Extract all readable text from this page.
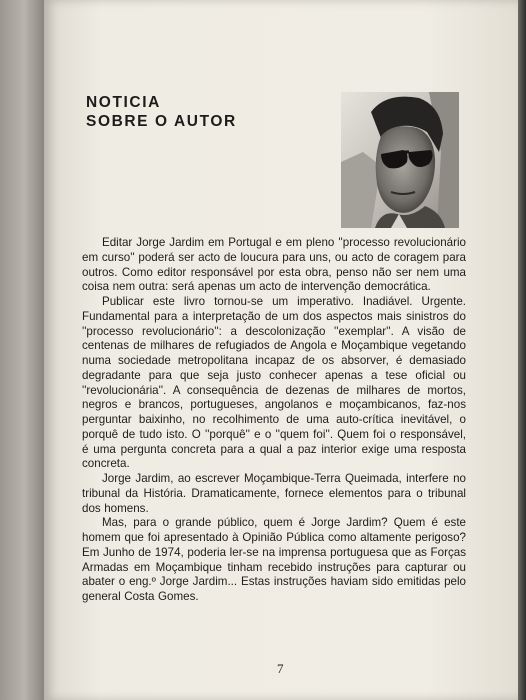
NOTICIA
SOBRE O AUTOR

Editar Jorge Jardim em Portugal e em pleno ''processo revolucionário em curso'' poderá ser acto de loucura para uns, ou acto de coragem para outros. Como editor responsável por esta obra, penso não ser nem uma coisa nem outra: será apenas um acto de intervenção democrática.

Publicar este livro tornou-se um imperativo. Inadiável. Urgente. Fundamental para a interpretação de um dos aspectos mais sinistros do ''processo revolucionário'': a descolonização ''exemplar''. A visão de centenas de milhares de refugiados de Angola e Moçambique vegetando numa sociedade metropolitana incapaz de os absorver, é demasiado degradante para que seja justo conhecer apenas a tese oficial ou ''revolucionária''. A consequência de dezenas de milhares de mortos, negros e brancos, portugueses, angolanos e moçambicanos, faz-nos perguntar baixinho, no recolhimento de uma auto-crítica inevitável, o porquê de tudo isto. O ''porquê'' e o ''quem foi''. Quem foi o responsável, é uma pergunta concreta para a qual a paz interior exige uma resposta concreta.

Jorge Jardim, ao escrever Moçambique-Terra Queimada, interfere no tribunal da História. Dramaticamente, fornece elementos para o tribunal dos homens.

Mas, para o grande público, quem é Jorge Jardim? Quem é este homem que foi apresentado à Opinião Pública como altamente perigoso? Em Junho de 1974, poderia ler-se na imprensa portuguesa que as Forças Armadas em Moçambique tinham recebido instruções para capturar ou abater o eng.º Jorge Jardim... Estas instruções haviam sido emitidas pelo general Costa Gomes.

7
